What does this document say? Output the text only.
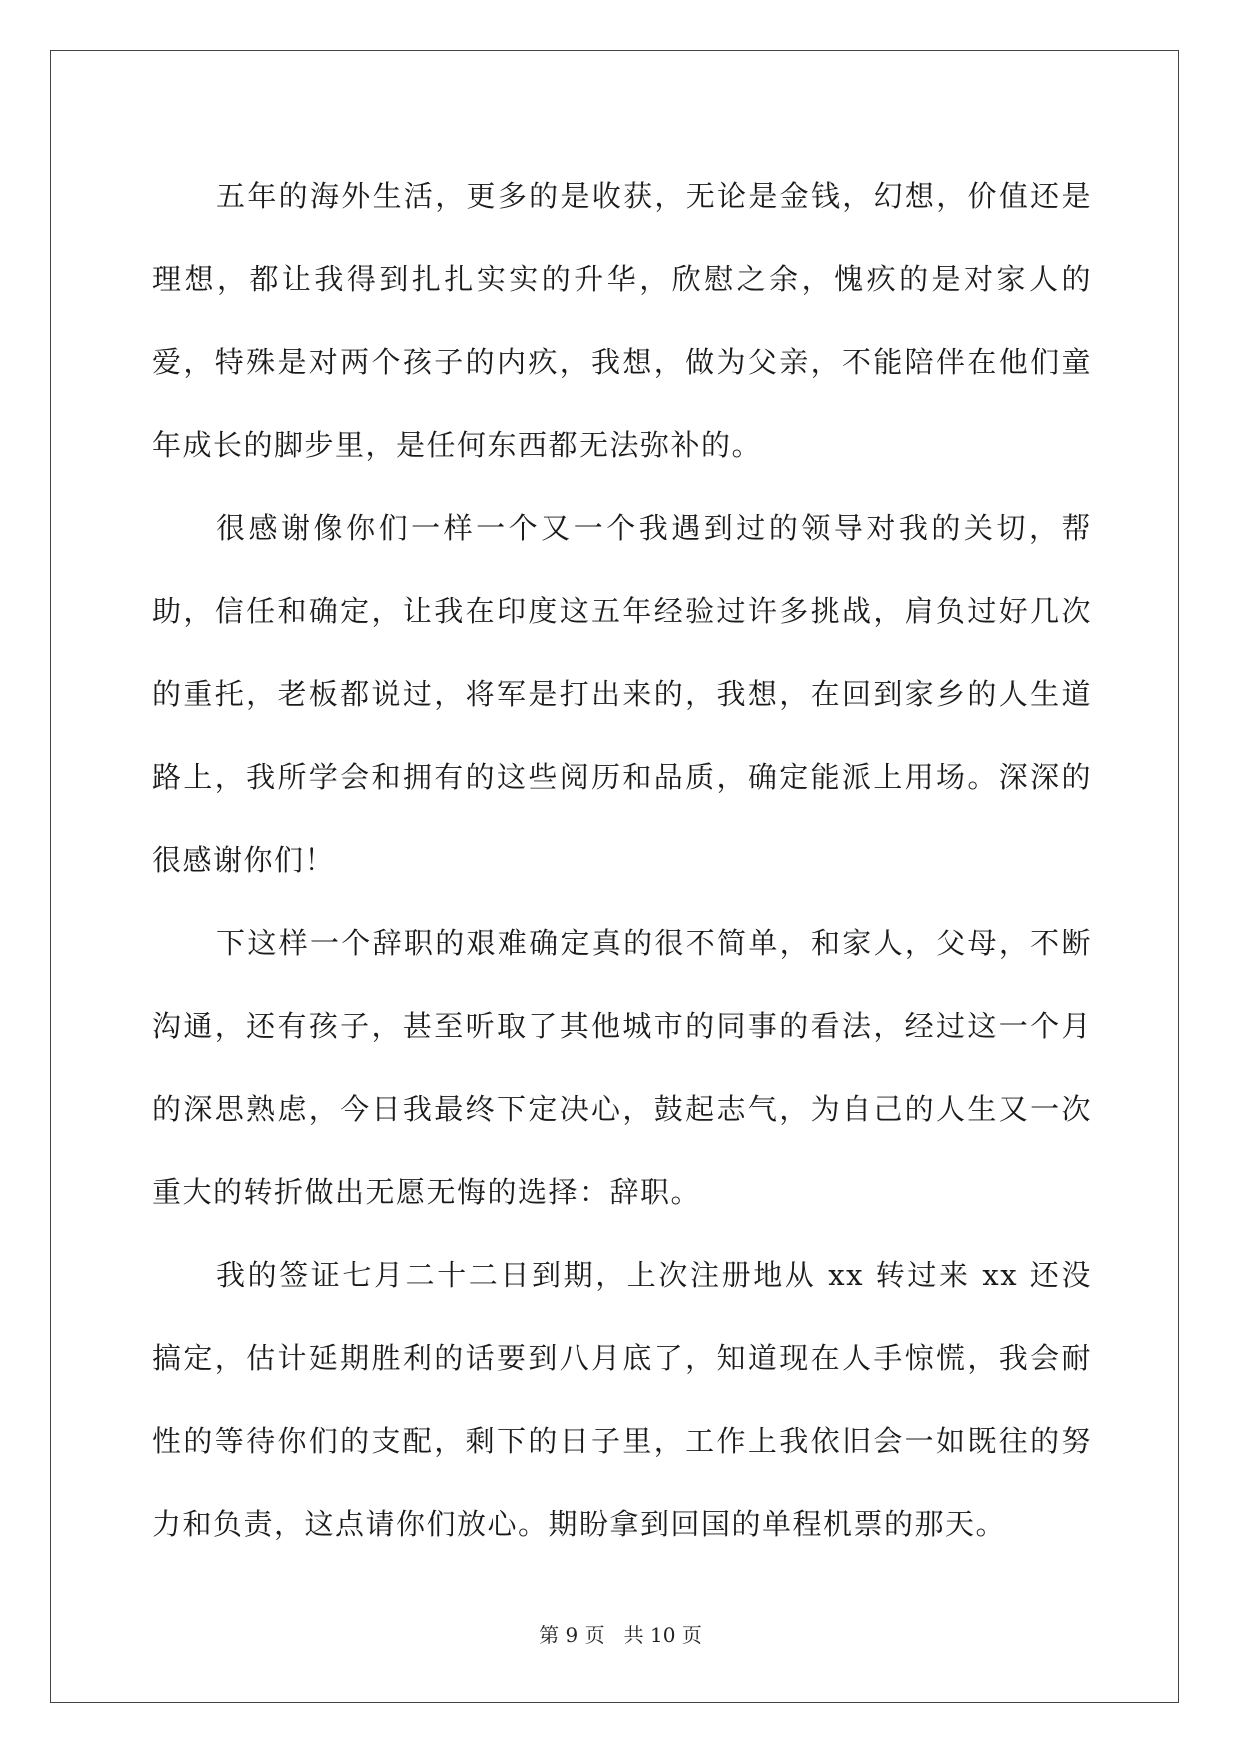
五年的海外生活，更多的是收获，无论是金钱，幻想，价值还是理想，都让我得到扎扎实实的升华，欣慰之余，愧疚的是对家人的爱，特殊是对两个孩子的内疚，我想，做为父亲，不能陪伴在他们童年成长的脚步里，是任何东西都无法弥补的。

很感谢像你们一样一个又一个我遇到过的领导对我的关切，帮助，信任和确定，让我在印度这五年经验过许多挑战，肩负过好几次的重托，老板都说过，将军是打出来的，我想，在回到家乡的人生道路上，我所学会和拥有的这些阅历和品质，确定能派上用场。深深的很感谢你们！

下这样一个辞职的艰难确定真的很不简单，和家人，父母，不断沟通，还有孩子，甚至听取了其他城市的同事的看法，经过这一个月的深思熟虑，今日我最终下定决心，鼓起志气，为自己的人生又一次重大的转折做出无愿无悔的选择：辞职。

我的签证七月二十二日到期，上次注册地从 xx 转过来 xx 还没搞定，估计延期胜利的话要到八月底了，知道现在人手惊慌，我会耐性的等待你们的支配，剩下的日子里，工作上我依旧会一如既往的努力和负责，这点请你们放心。期盼拿到回国的单程机票的那天。

第 9 页 共 10 页
